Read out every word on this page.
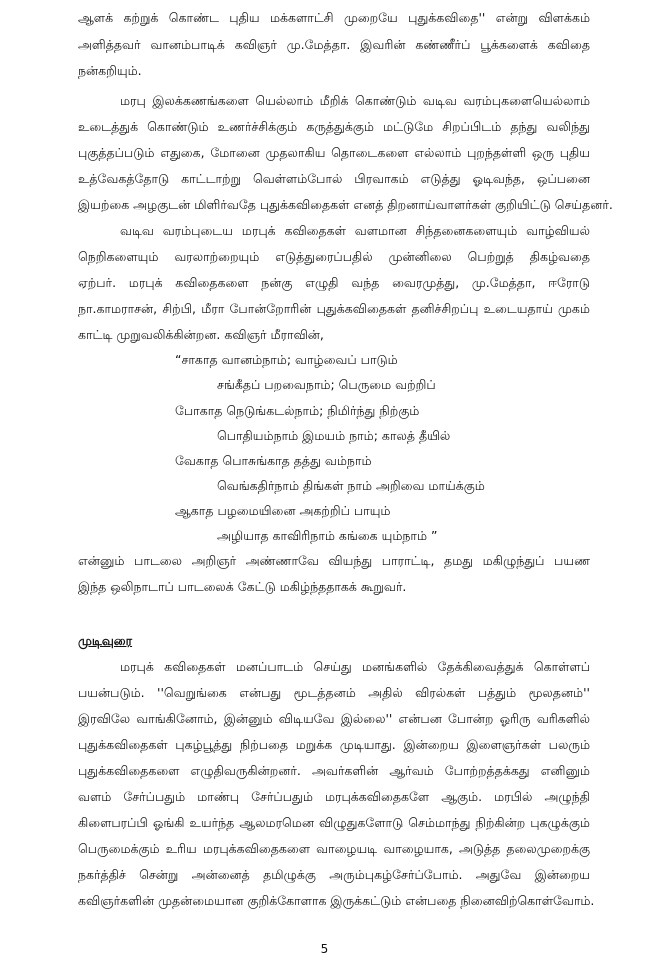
ஆளக் கற்றுக் கொண்ட புதிய மக்களாட்சி முறையே புதுக்கவிதை'' என்று விளக்கம்
அளித்தவர் வானம்பாடிக் கவிஞர் மு.மேத்தா. இவரின் கண்ணீர்ப் பூக்களைக் கவிதை
நன்கறியும்.
மரபு இலக்கணங்களை யெல்லாம் மீறிக் கொண்டும் வடிவ வரம்புகளையெல்லாம்
உடைத்துக் கொண்டும் உணர்ச்சிக்கும் கருத்துக்கும் மட்டுமே சிறப்பிடம் தந்து வலிந்து
புகுத்தப்படும் எதுகை, மோனை முதலாகிய தொடைகளை எல்லாம் புறந்தள்ளி ஒரு புதிய
உத்வேகத்தோடு காட்டாற்று வெள்ளம்போல் பிரவாகம் எடுத்து ஓடிவந்த, ஒப்பனை
இயற்கை அழகுடன் மிளிர்வதே புதுக்கவிதைகள் எனத் திறனாய்வாளர்கள் குறியிட்டு செய்தனர்.
வடிவ வரம்புடைய மரபுக் கவிதைகள் வளமான சிந்தனைகளையும் வாழ்வியல்
நெறிகளையும் வரலாற்றையும் எடுத்துரைப்பதில் முன்னிலை பெற்றுத் திகழ்வதை
ஏற்பர். மரபுக் கவிதைகளை நன்கு எழுதி வந்த வைரமுத்து, மு.மேத்தா, ஈரோடு
நா.காமராசன், சிற்பி, மீரா போன்றோரின் புதுக்கவிதைகள் தனிச்சிறப்பு உடையதாய் முகம்
காட்டி முறுவலிக்கின்றன. கவிஞர் மீராவின்,
“சாகாத வானம்நாம்; வாழ்வைப் பாடும்
சங்கீதப் பறவைநாம்; பெருமை வற்றிப்
போகாத நெடுங்கடல்நாம்; நிமிர்ந்து நிற்கும்
பொதியம்நாம் இமயம் நாம்; காலத் தீயில்
வேகாத பொசுங்காத தத்து வம்நாம்
வெங்கதிர்நாம் திங்கள் நாம் அறிவை மாய்க்கும்
ஆகாத பழமையினை அகற்றிப் பாயும்
அழியாத காவிரிநாம் கங்கை யும்நாம் ”
என்னும் பாடலை அறிஞர் அண்ணாவே வியந்து பாராட்டி, தமது மகிழுந்துப் பயண
இந்த ஒலிநாடாப் பாடலைக் கேட்டு மகிழ்ந்ததாகக் கூறுவர்.
முடிவுரை
மரபுக் கவிதைகள் மனப்பாடம் செய்து மனங்களில் தேக்கிவைத்துக் கொள்ளப்
பயன்படும். ''வெறுங்கை என்பது மூடத்தனம் அதில் விரல்கள் பத்தும் மூலதனம்''
இரவிலே வாங்கினோம், இன்னும் விடியவே இல்லை'' என்பன போன்ற ஓரிரு வரிகளில்
புதுக்கவிதைகள் புகழ்பூத்து நிற்பதை மறுக்க முடியாது. இன்றைய இளைஞர்கள் பலரும்
புதுக்கவிதைகளை எழுதிவருகின்றனர். அவர்களின் ஆர்வம் போற்றத்தக்கது எனினும்
வளம் சேர்ப்பதும் மாண்பு சேர்ப்பதும் மரபுக்கவிதைகளே ஆகும். மரபில் அழுந்தி
கிளைபரப்பி ஓங்கி உயர்ந்த ஆலமரமென விழுதுகளோடு செம்மாந்து நிற்கின்ற புகழுக்கும்
பெருமைக்கும் உரிய மரபுக்கவிதைகளை வாழையடி வாழையாக, அடுத்த தலைமுறைக்கு
நகர்த்திச் சென்று அன்னைத் தமிழுக்கு அரும்புகழ்சேர்ப்போம். அதுவே இன்றைய
கவிஞர்களின் முதன்மையான குறிக்கோளாக இருக்கட்டும் என்பதை நினைவிற்கொள்வோம்.
5
